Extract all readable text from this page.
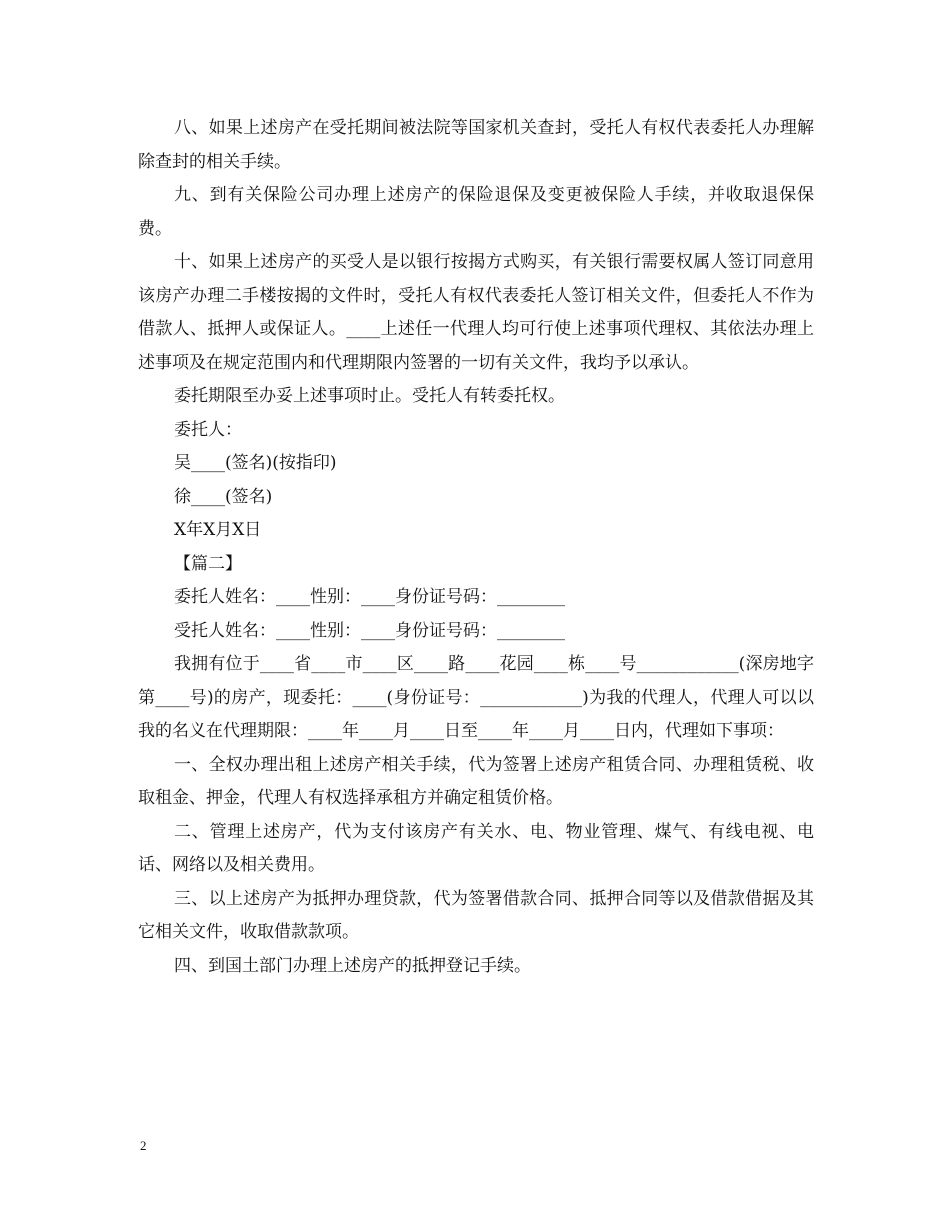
八、如果上述房产在受托期间被法院等国家机关查封，受托人有权代表委托人办理解除查封的相关手续。

九、到有关保险公司办理上述房产的保险退保及变更被保险人手续，并收取退保保费。

十、如果上述房产的买受人是以银行按揭方式购买，有关银行需要权属人签订同意用该房产办理二手楼按揭的文件时，受托人有权代表委托人签订相关文件，但委托人不作为借款人、抵押人或保证人。____上述任一代理人均可行使上述事项代理权、其依法办理上述事项及在规定范围内和代理期限内签署的一切有关文件，我均予以承认。

委托期限至办妥上述事项时止。受托人有转委托权。

委托人：

吴____(签名)(按指印)

徐____(签名)

X年X月X日

【篇二】

委托人姓名：____性别：____身份证号码：________

受托人姓名：____性别：____身份证号码：________

我拥有位于____省____市____区____路____花园____栋____号____________(深房地字第____号)的房产，现委托：____(身份证号：____________)为我的代理人，代理人可以以我的名义在代理期限：____年____月____日至____年____月____日内，代理如下事项：

一、全权办理出租上述房产相关手续，代为签署上述房产租赁合同、办理租赁税、收取租金、押金，代理人有权选择承租方并确定租赁价格。

二、管理上述房产，代为支付该房产有关水、电、物业管理、煤气、有线电视、电话、网络以及相关费用。

三、以上述房产为抵押办理贷款，代为签署借款合同、抵押合同等以及借款借据及其它相关文件，收取借款款项。

四、到国土部门办理上述房产的抵押登记手续。

2
